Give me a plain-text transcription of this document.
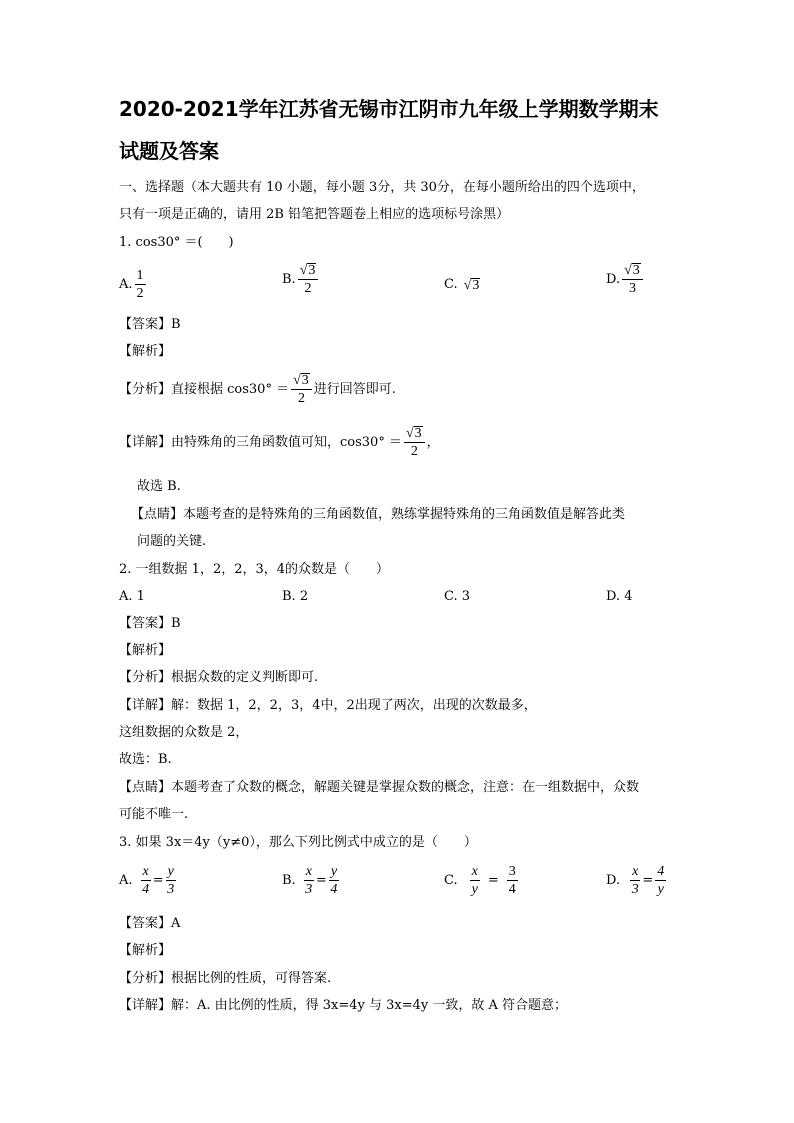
2020-2021学年江苏省无锡市江阴市九年级上学期数学期末
试题及答案
一、选择题（本大题共有 10 小题，每小题 3分，共 30分，在每小题所给出的四个选项中，
只有一项是正确的，请用 2B 铅笔把答题卷上相应的选项标号涂黑）
1. cos30° ＝(　　)
A. $\frac{1}{2}$	B. $\frac{√ 3}{2}$	C. √ 3	D. $\frac{√ 3}{3}$
【答案】B
【解析】
【分析】直接根据 $\cos 30^\circ = \frac{√ 3}{2}$ 进行回答即可.
【详解】由特殊角的三角函数值可知，$\cos 30^\circ = \frac{√ 3}{2}$ ，
故选 B.
【点睛】本题考查的是特殊角的三角函数值，熟练掌握特殊角的三角函数值是解答此类
问题的关键.
2. 一组数据 1，2，2，3，4的众数是（　　）
A. 1	B. 2	C. 3	D. 4
【答案】B
【解析】
【分析】根据众数的定义判断即可.
【详解】解：数据 1，2，2，3，4中，2出现了两次，出现的次数最多，
这组数据的众数是 2，
故选：B.
【点睛】本题考查了众数的概念，解题关键是掌握众数的概念，注意：在一组数据中，众数
可能不唯一.
3. 如果 3x＝4y（y≠0），那么下列比例式中成立的是（　　）
A. $\frac{x}{4} = \frac{y}{3}$	B. $\frac{x}{3} = \frac{y}{4}$	C. $\frac{x}{y} = \frac{3}{4}$	D. $\frac{x}{3} = \frac{4}{y}$
【答案】A
【解析】
【分析】根据比例的性质，可得答案.
【详解】解：A. 由比例的性质，得 3x=4y 与 3x=4y 一致，故 A 符合题意；
